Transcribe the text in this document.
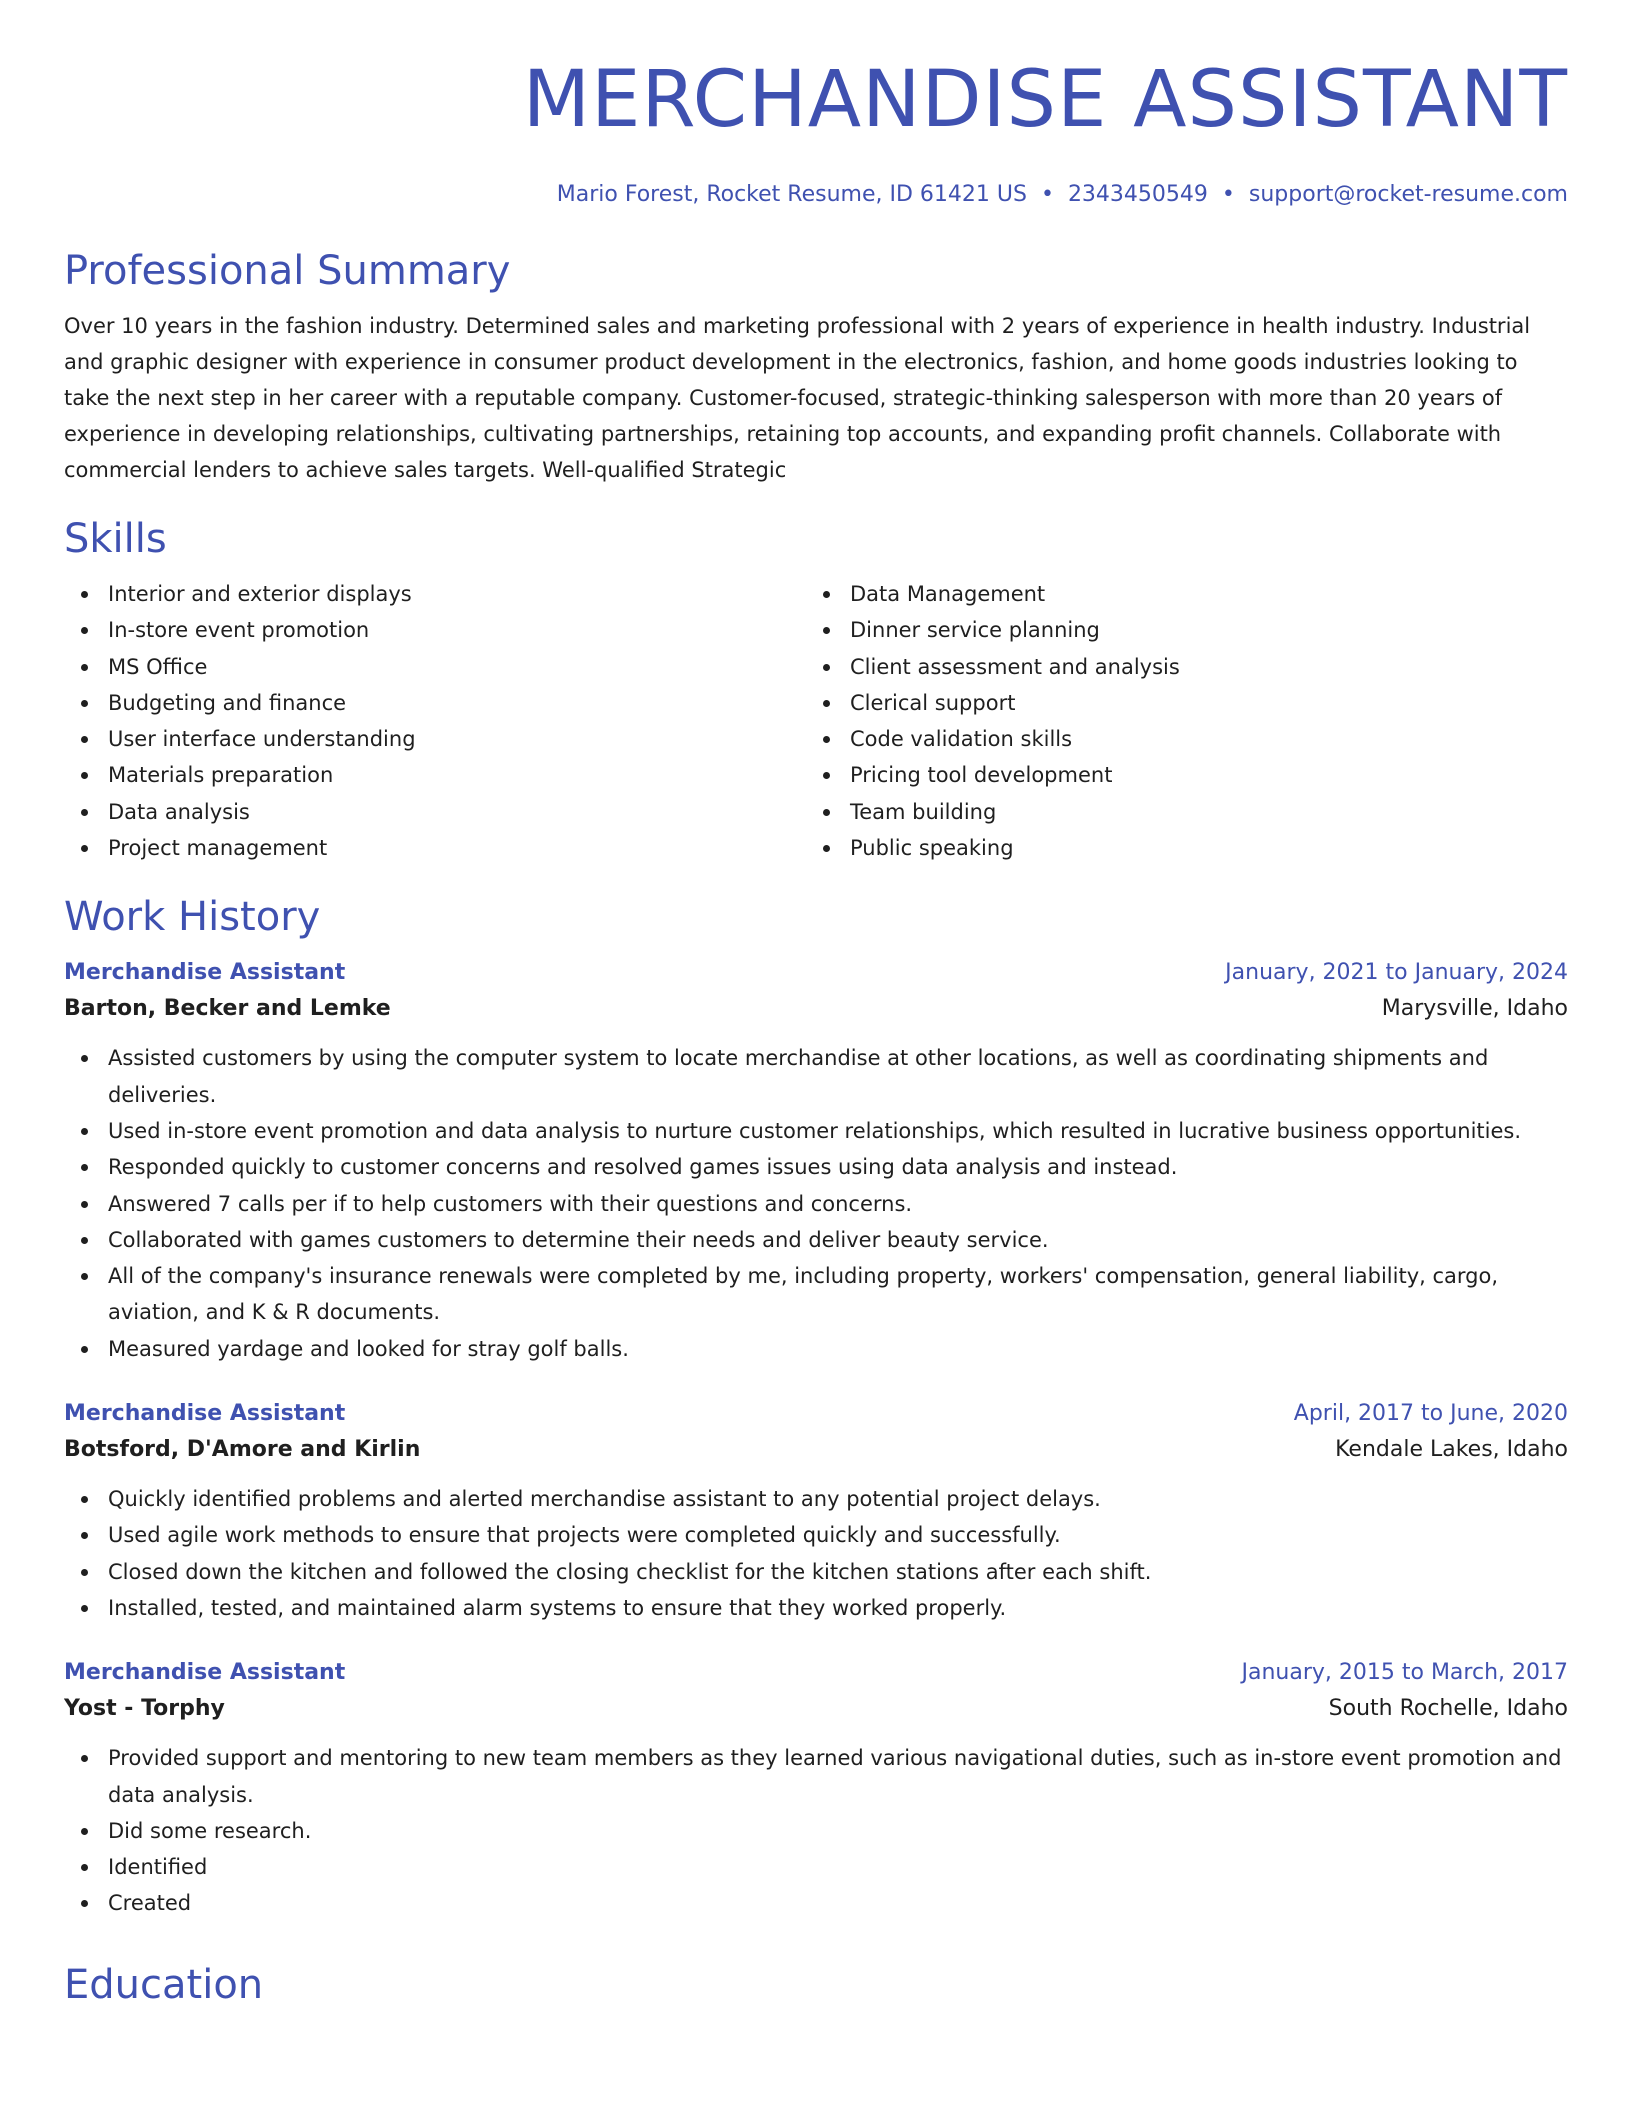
MERCHANDISE ASSISTANT
Mario Forest, Rocket Resume, ID 61421 US • 2343450549 • support@rocket-resume.com
Professional Summary

Over 10 years in the fashion industry. Determined sales and marketing professional with 2 years of experience in health industry. Industrial and graphic designer with experience in consumer product development in the electronics, fashion, and home goods industries looking to take the next step in her career with a reputable company. Customer-focused, strategic-thinking salesperson with more than 20 years of experience in developing relationships, cultivating partnerships, retaining top accounts, and expanding profit channels. Collaborate with commercial lenders to achieve sales targets. Well-qualified Strategic

Skills
Interior and exterior displays
In-store event promotion
MS Office
Budgeting and finance
User interface understanding
Materials preparation
Data analysis
Project management
Data Management
Dinner service planning
Client assessment and analysis
Clerical support
Code validation skills
Pricing tool development
Team building
Public speaking
Work History
Merchandise Assistant	January, 2021 to January, 2024
Barton, Becker and Lemke	Marysville, Idaho
Assisted customers by using the computer system to locate merchandise at other locations, as well as coordinating shipments and deliveries.
Used in-store event promotion and data analysis to nurture customer relationships, which resulted in lucrative business opportunities.
Responded quickly to customer concerns and resolved games issues using data analysis and instead.
Answered 7 calls per if to help customers with their questions and concerns.
Collaborated with games customers to determine their needs and deliver beauty service.
All of the company's insurance renewals were completed by me, including property, workers' compensation, general liability, cargo, aviation, and K & R documents.
Measured yardage and looked for stray golf balls.
Merchandise Assistant	April, 2017 to June, 2020
Botsford, D'Amore and Kirlin	Kendale Lakes, Idaho
Quickly identified problems and alerted merchandise assistant to any potential project delays.
Used agile work methods to ensure that projects were completed quickly and successfully.
Closed down the kitchen and followed the closing checklist for the kitchen stations after each shift.
Installed, tested, and maintained alarm systems to ensure that they worked properly.
Merchandise Assistant	January, 2015 to March, 2017
Yost - Torphy	South Rochelle, Idaho
Provided support and mentoring to new team members as they learned various navigational duties, such as in-store event promotion and data analysis.
Did some research.
Identified
Created
Education
